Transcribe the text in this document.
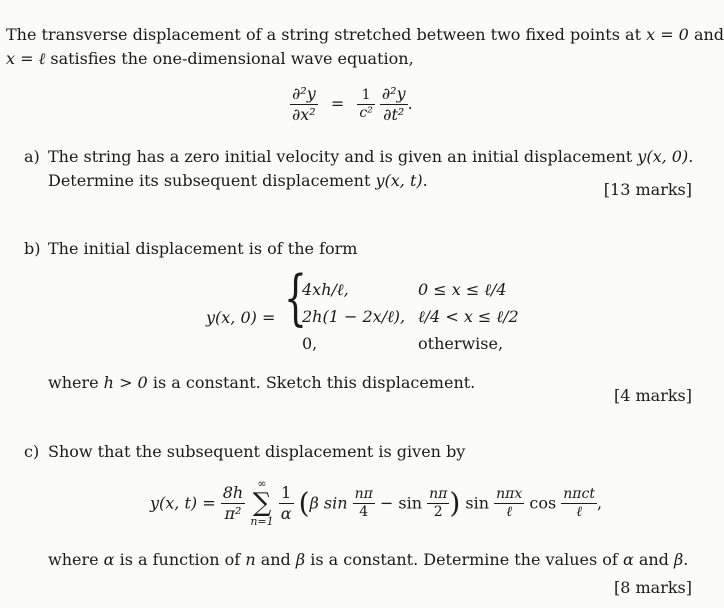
The transverse displacement of a string stretched between two fixed points at x = 0 and
x = ℓ satisfies the one-dimensional wave equation,
$\frac{\text{∂²y}}{\text{∂x²}} = \frac{1}{\text{c²}}$
$\frac{\text{∂²y}}{\text{∂t²}}$ .
a) The string has a zero initial velocity and is given an initial displacement y(x, 0).
Determine its subsequent displacement y(x, t).	[13 marks]
b) The initial displacement is of the form
y(x, 0) = {
4xh/ℓ,	0 ≤ x ≤ ℓ/4
2h(1 − 2x/ℓ), ℓ/4 < x ≤ ℓ/2
0,	otherwise,
where h > 0 is a constant. Sketch this displacement.
[4 marks]
c) Show that the subsequent displacement is given by
y(x, $t) = \frac{8h}{\text{π²}}$
	∞
∑
n=1
$\frac{1}{\alpha} (\beta$ $\sin \frac{n\pi}{4} - \sin \frac{n\pi}{2}$ ) $\sin \frac{\text{nπx}}{\text{ℓ}}$ $\cos \frac{\text{nπct}}{\text{ℓ}}$ ,
where α is a function of n and β is a constant. Determine the values of α and β.
[8 marks]
